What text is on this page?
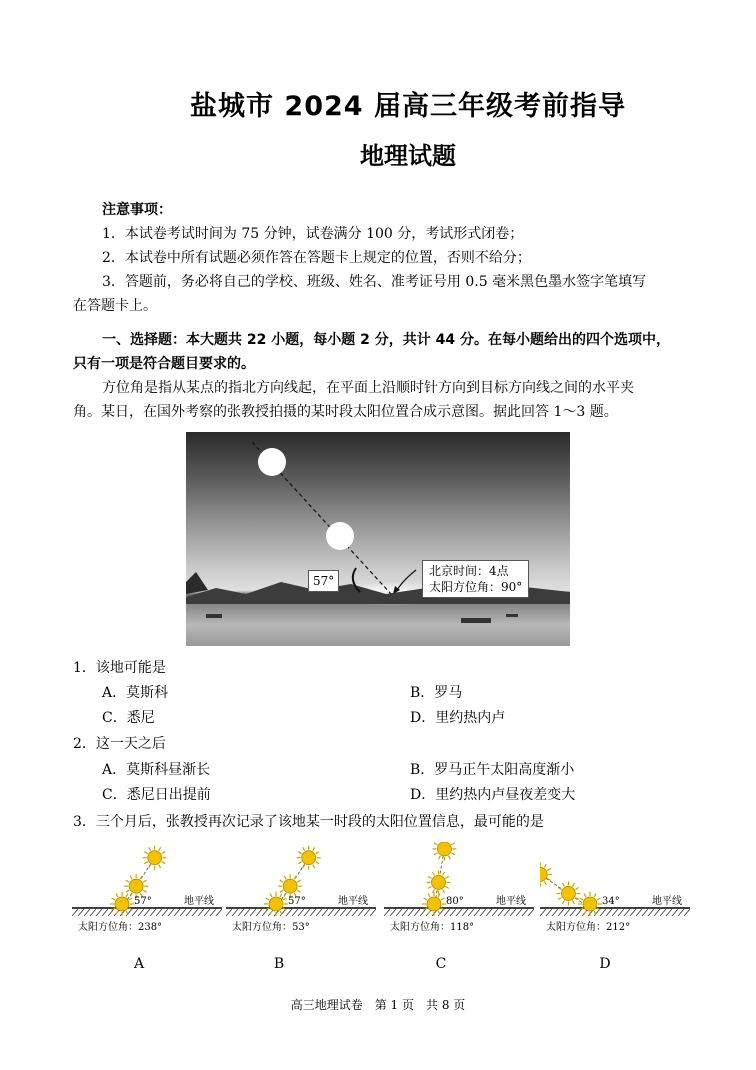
盐城市 2024 届高三年级考前指导
地理试题
注意事项：
1．本试卷考试时间为 75 分钟，试卷满分 100 分，考试形式闭卷；
2．本试卷中所有试题必须作答在答题卡上规定的位置，否则不给分；
3．答题前，务必将自己的学校、班级、姓名、准考证号用 0.5 毫米黑色墨水签字笔填写
在答题卡上。
一、选择题：本大题共 22 小题，每小题 2 分，共计 44 分。在每小题给出的四个选项中，
只有一项是符合题目要求的。
方位角是指从某点的指北方向线起，在平面上沿顺时针方向到目标方向线之间的水平夹
角。某日，在国外考察的张教授拍摄的某时段太阳位置合成示意图。据此回答 1～3 题。
57°
北京时间：4点
太阳方位角：90°
1．该地可能是
A．莫斯科	B．罗马
C．悉尼	D．里约热内卢
2．这一天之后
A．莫斯科昼渐长	B．罗马正午太阳高度渐小
C．悉尼日出提前	D．里约热内卢昼夜差变大
3．三个月后，张教授再次记录了该地某一时段的太阳位置信息，最可能的是
57°	地平线
太阳方位角：238°
57°	地平线
太阳方位角：53°
80°	地平线
太阳方位角：118°
34°	地平线
太阳方位角：212°
A	B	C	D
高三地理试卷　第 1 页　共 8 页
